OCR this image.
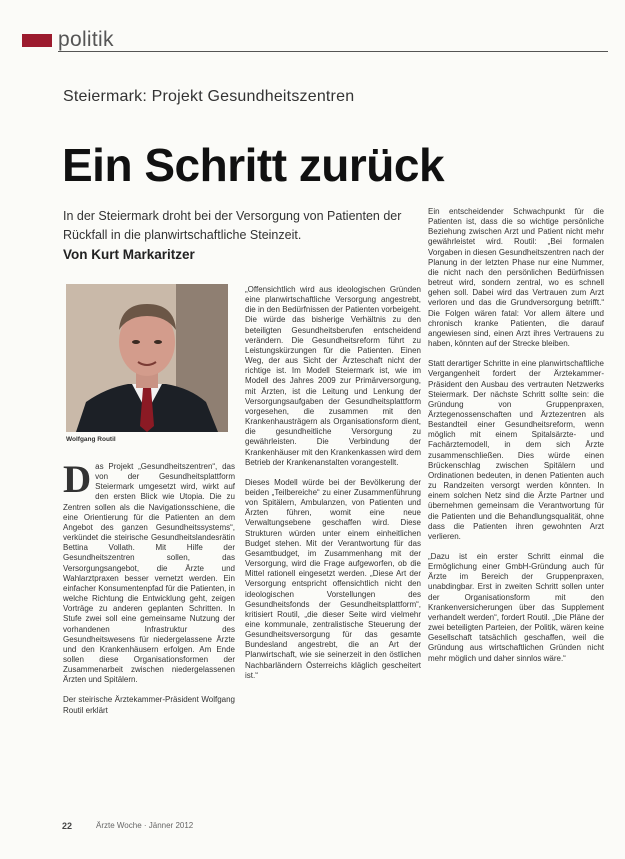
politik
Steiermark: Projekt Gesundheitszentren
Ein Schritt zurück
In der Steiermark droht bei der Versorgung von Patienten der Rückfall in die planwirtschaftliche Steinzeit.
Von Kurt Markaritzer
Wolfgang Routil
D as Projekt „Gesundheitszentren“, das von der Gesundheitsplattform Steiermark umgesetzt wird, wirkt auf den ersten Blick wie Utopia. Die zu Zentren sollen als die Navigationsschiene, die eine Orientierung für die Patienten an dem Angebot des ganzen Gesundheitssystems“, verkündet die steirische Gesundheitslandesrätin Bettina Vollath. Mit Hilfe der Gesundheitszentren sollen, das Versorgungsangebot, die Ärzte und Wahlarztpraxen besser vernetzt werden. Ein einfacher Konsumentenpfad für die Patienten, in welche Richtung die Entwicklung geht, zeigen Vorträge zu anderen geplanten Schritten. In Stufe zwei soll eine gemeinsame Nutzung der vorhandenen Infrastruktur des Gesundheitswesens für niedergelassene Ärzte und den Krankenhäusern erfolgen. Am Ende sollen diese Organisationsformen der Zusammenarbeit zwischen niedergelassenen Ärzten und Spitälern.

Der steirische Ärztekammer-Präsident Wolfgang Routil erklärt

„Offensichtlich wird aus ideologischen Gründen eine planwirtschaftliche Versorgung angestrebt, die in den Bedürfnissen der Patienten vorbeigeht. Die würde das bisherige Verhältnis zu den beteiligten Gesundheitsberufen entscheidend verändern. Die Gesundheitsreform führt zu Leistungskürzungen für die Patienten. Einen Weg, der aus Sicht der Ärzteschaft nicht der richtige ist. Im Modell Steiermark ist, wie im Modell des Jahres 2009 zur Primärversorgung, mit Ärzten, ist die Leitung und Lenkung der Versorgungsaufgaben der Gesundheitsplattform vorgesehen, die zusammen mit den Krankenhausträgern als Organisationsform dient, die gesundheitliche Versorgung zu gewährleisten. Die Verbindung der Krankenhäuser mit den Krankenkassen wird dem Betrieb der Krankenanstalten vorangestellt.

Dieses Modell würde bei der Bevölkerung der beiden „Teilbereiche“ zu einer Zusammenführung von Spitälern, Ambulanzen, von Patienten und Ärzten führen, womit eine neue Verwaltungsebene geschaffen wird. Diese Strukturen würden unter einem einheitlichen Budget stehen. Mit der Verantwortung für das Gesamtbudget, im Zusammenhang mit der Versorgung, wird die Frage aufgeworfen, ob die Mittel rationell eingesetzt werden. „Diese Art der Versorgung entspricht offensichtlich nicht den ideologischen Vorstellungen des Gesundheitsfonds der Gesundheitsplattform“, kritisiert Routil, „die dieser Seite wird vielmehr eine kommunale, zentralistische Steuerung der Gesundheitsversorgung für das gesamte Bundesland angestrebt, die an Art der Planwirtschaft, wie sie seinerzeit in den östlichen Nachbarländern Österreichs kläglich gescheitert ist.“

Ein entscheidender Schwachpunkt für die Patienten ist, dass die so wichtige persönliche Beziehung zwischen Arzt und Patient nicht mehr gewährleistet wird. Routil: „Bei formalen Vorgaben in diesen Gesundheitszentren nach der Planung in der letzten Phase nur eine Nummer, die nicht nach den persönlichen Bedürfnissen betreut wird, sondern zentral, wo es schnell gehen soll. Dabei wird das Vertrauen zum Arzt verloren und das die Grundversorgung betrifft.“ Die Folgen wären fatal: Vor allem ältere und chronisch kranke Patienten, die darauf angewiesen sind, einen Arzt ihres Vertrauens zu haben, könnten auf der Strecke bleiben.

Statt derartiger Schritte in eine planwirtschaftliche Vergangenheit fordert der Ärztekammer-Präsident den Ausbau des vertrauten Netzwerks Steiermark. Der nächste Schritt sollte sein: die Gründung von Gruppenpraxen, Ärztegenossenschaften und Ärztezentren als Bestandteil einer Gesundheitsreform, wenn möglich mit einem Spitalsärzte- und Fachärztemodell, in dem sich Ärzte zusammenschließen. Dies würde einen Brückenschlag zwischen Spitälern und Ordinationen bedeuten, in denen Patienten auch zu Randzeiten versorgt werden könnten. In einem solchen Netz sind die Ärzte Partner und übernehmen gemeinsam die Verantwortung für die Patienten und die Behandlungsqualität, ohne dass die Patienten ihren gewohnten Arzt verlieren.

„Dazu ist ein erster Schritt einmal die Ermöglichung einer GmbH-Gründung auch für Ärzte im Bereich der Gruppenpraxen, unabdingbar. Erst in zweiten Schritt sollen unter der Organisationsform mit den Krankenversicherungen über das Supplement verhandelt werden“, fordert Routil. „Die Pläne der zwei beteiligten Parteien, der Politik, wären keine Gesellschaft tatsächlich geschaffen, weil die Gründung aus wirtschaftlichen Gründen nicht mehr möglich und daher sinnlos wäre.“

22	Ärzte Woche · Jänner 2012
